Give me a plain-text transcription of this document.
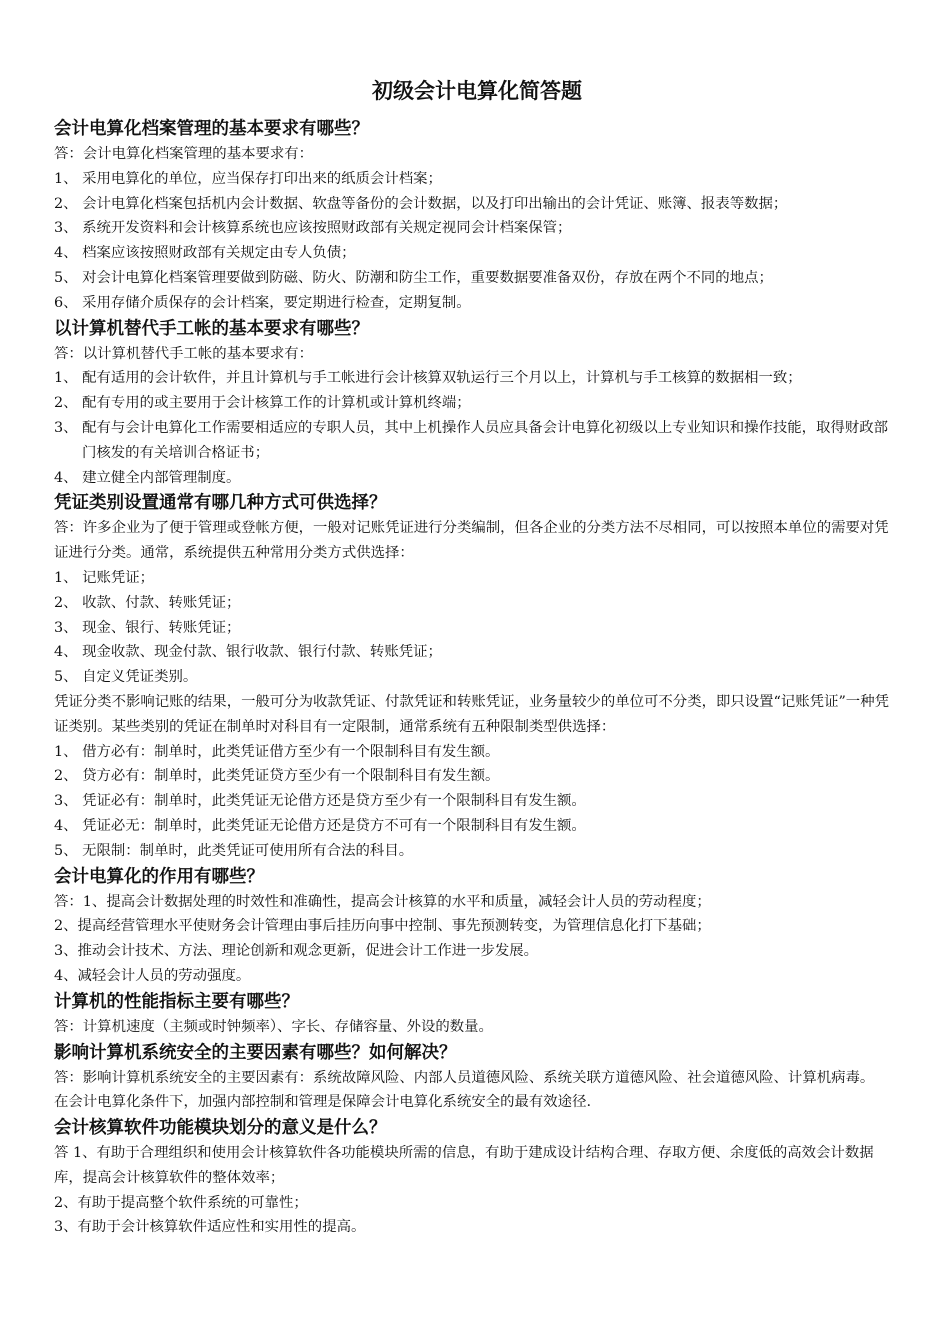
初级会计电算化简答题
会计电算化档案管理的基本要求有哪些？

答：会计电算化档案管理的基本要求有：

1、 采用电算化的单位，应当保存打印出来的纸质会计档案；

2、 会计电算化档案包括机内会计数据、软盘等备份的会计数据，以及打印出输出的会计凭证、账簿、报表等数据；

3、 系统开发资料和会计核算系统也应该按照财政部有关规定视同会计档案保管；

4、 档案应该按照财政部有关规定由专人负债；

5、 对会计电算化档案管理要做到防磁、防火、防潮和防尘工作，重要数据要准备双份，存放在两个不同的地点；

6、 采用存储介质保存的会计档案，要定期进行检查，定期复制。

以计算机替代手工帐的基本要求有哪些？

答：以计算机替代手工帐的基本要求有：

1、 配有适用的会计软件，并且计算机与手工帐进行会计核算双轨运行三个月以上，计算机与手工核算的数据相一致；

2、 配有专用的或主要用于会计核算工作的计算机或计算机终端；

3、 配有与会计电算化工作需要相适应的专职人员，其中上机操作人员应具备会计电算化初级以上专业知识和操作技能，取得财政部门核发的有关培训合格证书；

4、 建立健全内部管理制度。

凭证类别设置通常有哪几种方式可供选择？

答：许多企业为了便于管理或登帐方便，一般对记账凭证进行分类编制，但各企业的分类方法不尽相同，可以按照本单位的需要对凭证进行分类。通常，系统提供五种常用分类方式供选择：

1、 记账凭证；

2、 收款、付款、转账凭证；

3、 现金、银行、转账凭证；

4、 现金收款、现金付款、银行收款、银行付款、转账凭证；

5、 自定义凭证类别。

凭证分类不影响记账的结果，一般可分为收款凭证、付款凭证和转账凭证，业务量较少的单位可不分类，即只设置“记账凭证”一种凭证类别。某些类别的凭证在制单时对科目有一定限制，通常系统有五种限制类型供选择：

1、 借方必有：制单时，此类凭证借方至少有一个限制科目有发生额。

2、 贷方必有：制单时，此类凭证贷方至少有一个限制科目有发生额。

3、 凭证必有：制单时，此类凭证无论借方还是贷方至少有一个限制科目有发生额。

4、 凭证必无：制单时，此类凭证无论借方还是贷方不可有一个限制科目有发生额。

5、 无限制：制单时，此类凭证可使用所有合法的科目。

会计电算化的作用有哪些？

答：1、提高会计数据处理的时效性和准确性，提高会计核算的水平和质量，减轻会计人员的劳动程度；

2、提高经营管理水平使财务会计管理由事后挂历向事中控制、事先预测转变，为管理信息化打下基础；

3、推动会计技术、方法、理论创新和观念更新，促进会计工作进一步发展。

4、减轻会计人员的劳动强度。

计算机的性能指标主要有哪些？

答：计算机速度（主频或时钟频率）、字长、存储容量、外设的数量。

影响计算机系统安全的主要因素有哪些？如何解决？

答：影响计算机系统安全的主要因素有：系统故障风险、内部人员道德风险、系统关联方道德风险、社会道德风险、计算机病毒。

在会计电算化条件下，加强内部控制和管理是保障会计电算化系统安全的最有效途径.

会计核算软件功能模块划分的意义是什么？

答 1、有助于合理组织和使用会计核算软件各功能模块所需的信息，有助于建成设计结构合理、存取方便、余度低的高效会计数据库，提高会计核算软件的整体效率；

2、有助于提高整个软件系统的可靠性；

3、有助于会计核算软件适应性和实用性的提高。
